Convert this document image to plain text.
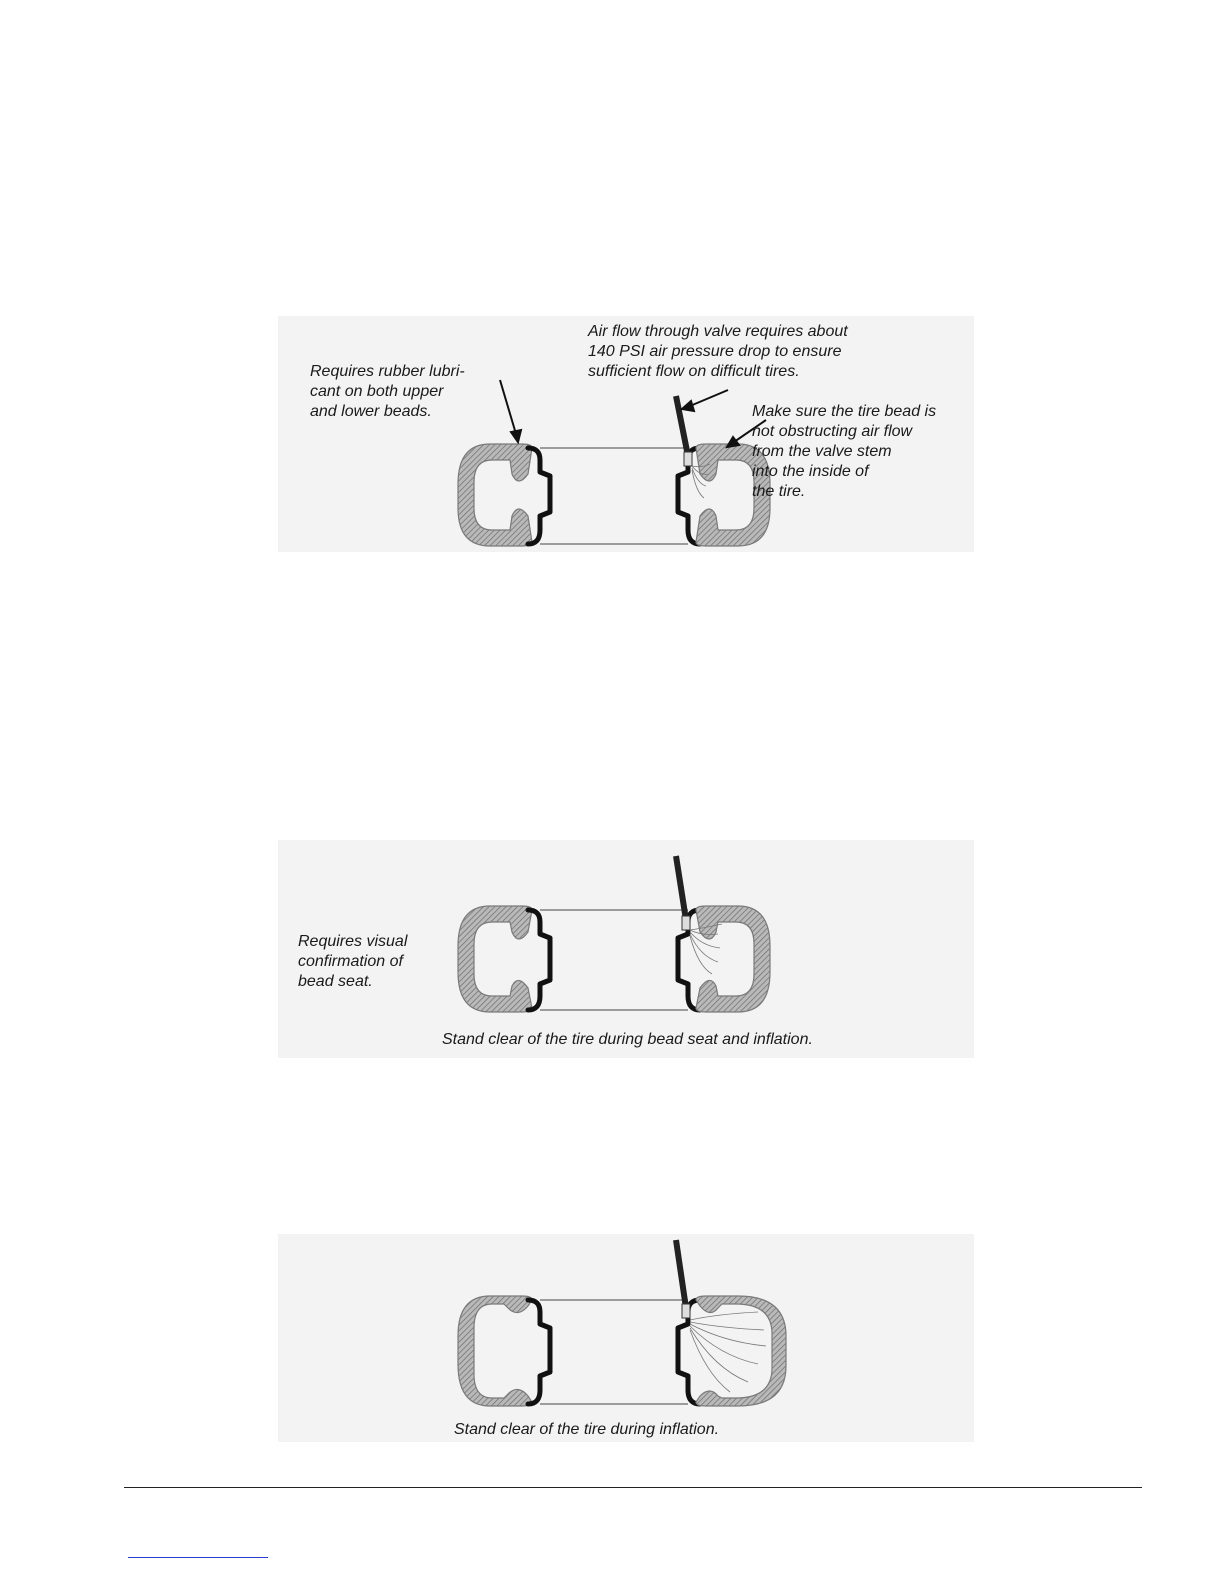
Requires rubber lubri-
cant on both upper
and lower beads.
Air flow through valve requires about
140 PSI air pressure drop to ensure
sufficient flow on difficult tires.
Make sure the tire bead is
not obstructing air flow
from the valve stem
into the inside of
the tire.
Requires visual
confirmation of
bead seat.
Stand clear of the tire during bead seat and inflation.
Stand clear of the tire during inflation.
